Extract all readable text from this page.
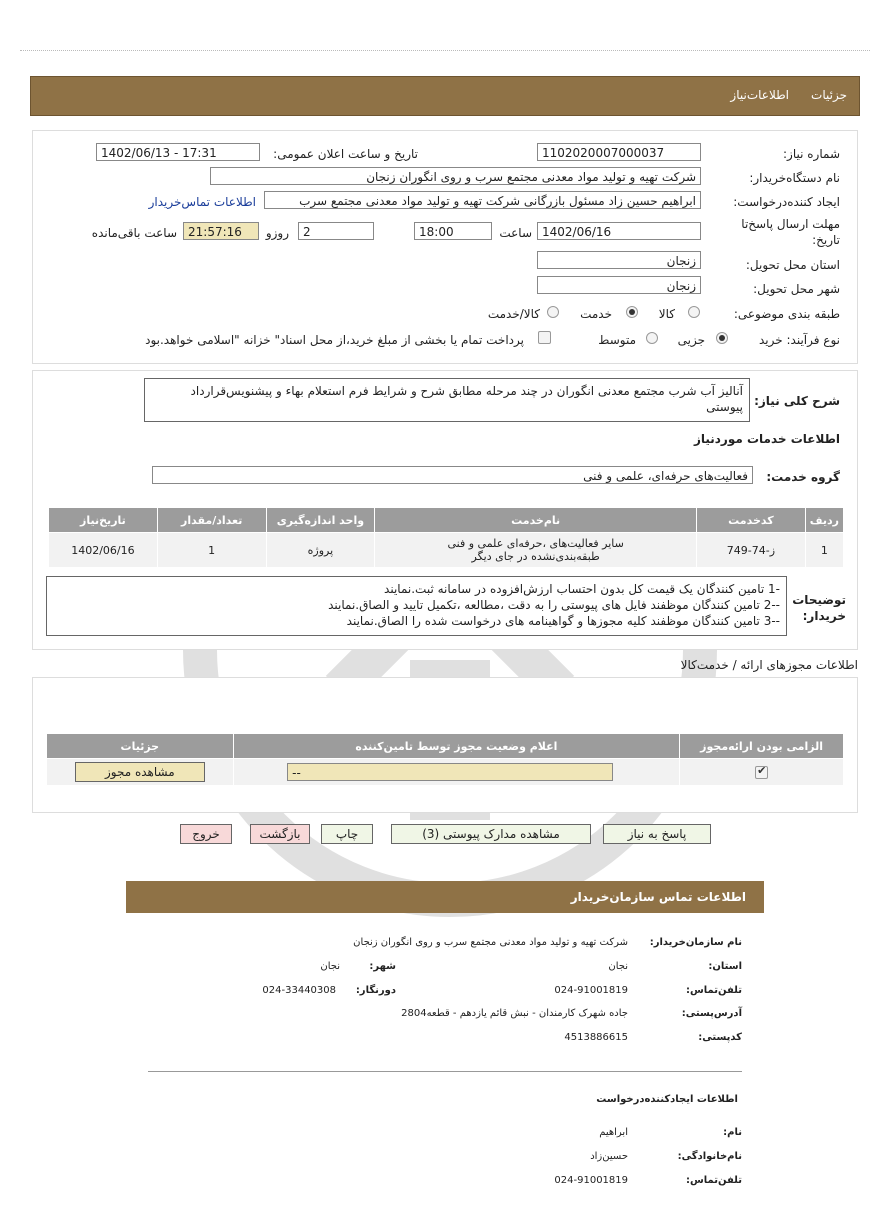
جزئیات
اطلاعات‌نیاز
شماره نیاز:
1102020007000037
تاریخ و ساعت اعلان عمومی:
1402/06/13 - 17:31
نام دستگاه‌خریدار:
شرکت تهیه و تولید مواد معدنی مجتمع سرب و روی انگوران زنجان
ایجاد کننده‌درخواست:
ابراهیم حسین زاد مسئول بازرگانی شرکت تهیه و تولید مواد معدنی مجتمع سرب
اطلاعات تماس‌خریدار
مهلت ارسال پاسخ‌تا تاریخ:
1402/06/16
ساعت
18:00
2
روزو
21:57:16
ساعت باقی‌مانده
استان محل تحویل:
زنجان
شهر محل تحویل:
زنجان
طبقه بندی موضوعی:
کالا
خدمت
کالا/خدمت
نوع فرآیند: خرید
جزیی
متوسط
پرداخت تمام یا بخشی از مبلغ خرید،از محل اسناد" خزانه "اسلامی خواهد.بود
شرح کلی نیاز:
آنالیز آب شرب مجتمع معدنی انگوران در چند مرحله مطابق شرح و شرایط فرم استعلام بهاء و پیشنویس‌قرارداد پیوستی
اطلاعات خدمات موردنیاز
گروه خدمت:
فعالیت‌های حرفه‌ای، علمی و فنی
ردیف	کدخدمت	نام‌خدمت	واحد اندازه‌گیری	تعداد/مقدار	تاریخ‌نیاز
1	ز-74-749	سایر فعالیت‌های ،حرفه‌ای علمی و فنی
طبقه‌بندی‌نشده در جای دیگر	پروژه	1	1402/06/16
توضیحات خریدار:
-1 تامین کنندگان یک قیمت کل بدون احتساب ارزش‌افزوده در سامانه ثبت.نمایند
--2 تامین کنندگان موظفند فایل های پیوستی را به دقت ،مطالعه ،تکمیل تایید و الصاق.نمایند
--3 تامین کنندگان موظفند کلیه مجوزها و گواهینامه های درخواست شده را الصاق.نمایند
اطلاعات مجوزهای ارائه / خدمت‌کالا
الزامی بودن ارائه‌مجوز	اعلام وضعیت مجوز توسط تامین‌کننده	جزئیات

✔	--	مشاهده مجوز
پاسخ به نیاز
مشاهده مدارک پیوستی (3)
چاپ
بازگشت
خروج
اطلاعات تماس سازمان‌خریدار
نام سازمان‌خریدار:
شرکت تهیه و تولید مواد معدنی مجتمع سرب و روی انگوران زنجان
استان:
نجان
شهر:
نجان
تلفن‌تماس:
024-91001819
دورنگار:
024-33440308
آدرس‌پستی:
جاده شهرک کارمندان - نبش قائم یازدهم - قطعه2804
کدپستی:
4513886615
اطلاعات ایجادکننده‌درخواست
نام:
ابراهیم
نام‌خانوادگی:
حسین‌زاد
تلفن‌تماس:
024-91001819
